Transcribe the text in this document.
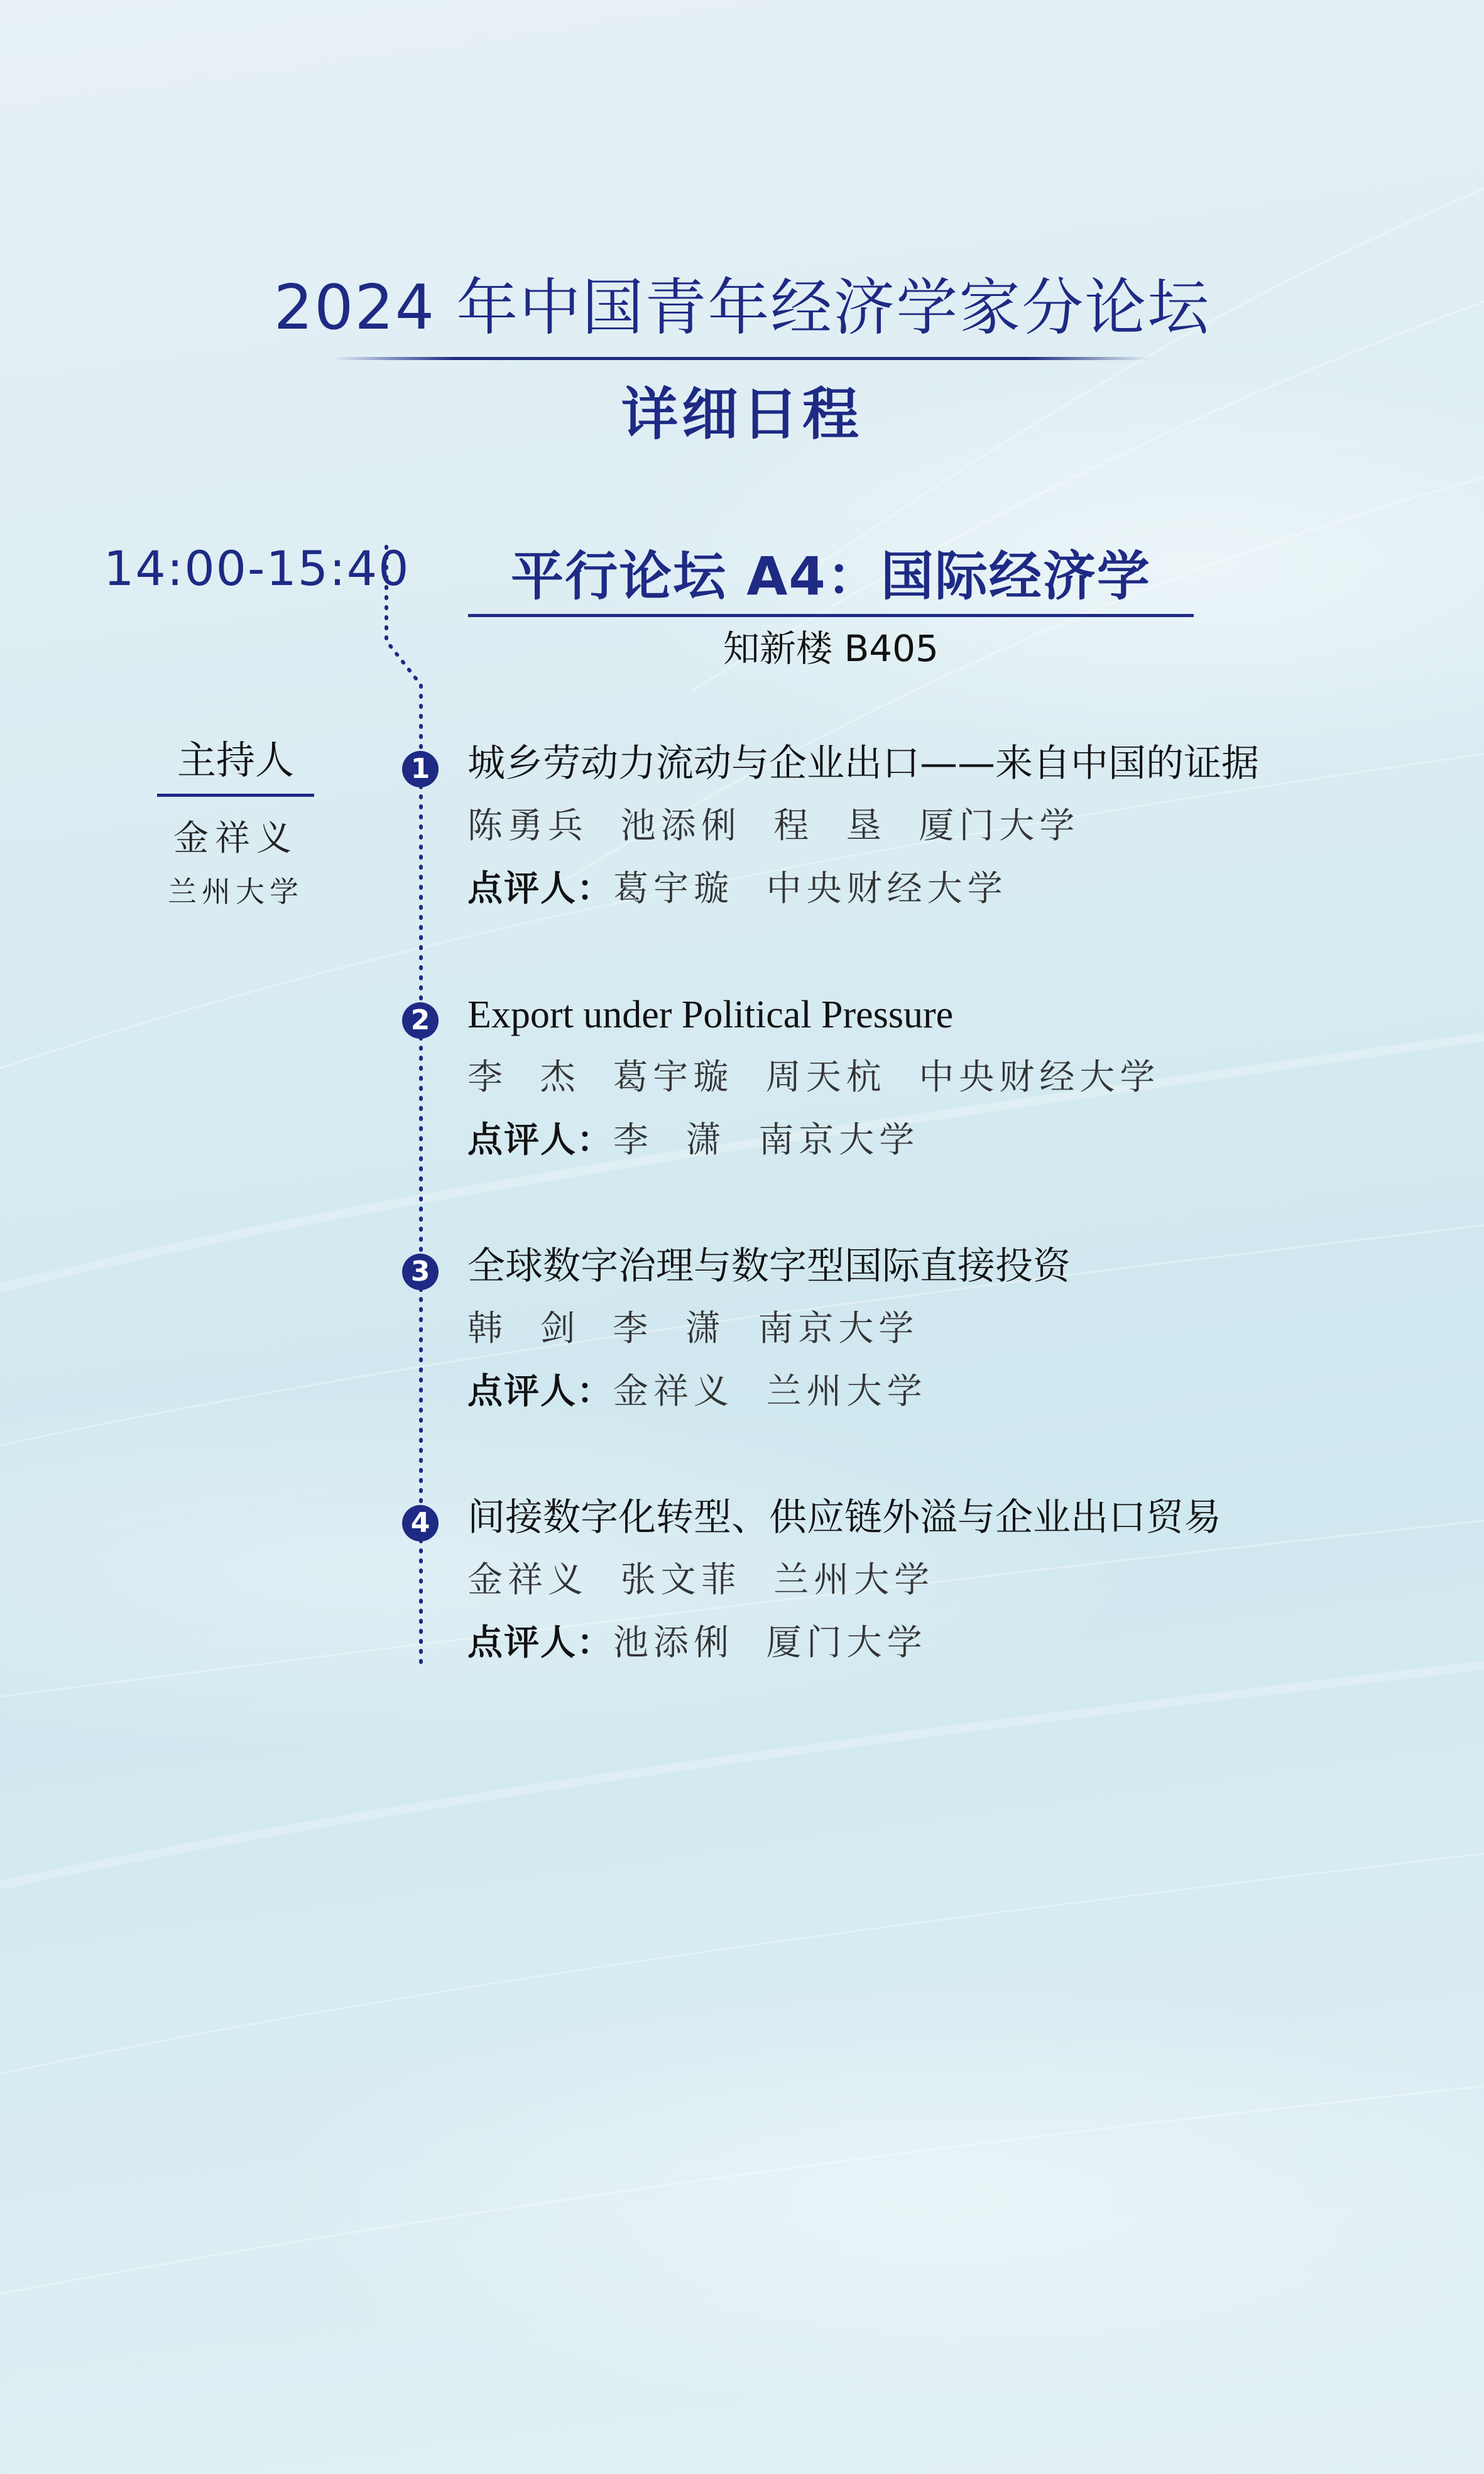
2024 年中国青年经济学家分论坛
详细日程
14:00-15:40	平行论坛 A4：国际经济学
知新楼 B405
主持人
金祥义
兰州大学
1 城乡劳动力流动与企业出口——来自中国的证据
陈勇兵  池添俐  程  垦  厦门大学
点评人：葛宇璇  中央财经大学
2 Export under Political Pressure
李  杰  葛宇璇  周天杭  中央财经大学
点评人：李  潇  南京大学
3 全球数字治理与数字型国际直接投资
韩  剑  李  潇  南京大学
点评人：金祥义  兰州大学
4 间接数字化转型、供应链外溢与企业出口贸易
金祥义  张文菲  兰州大学
点评人：池添俐  厦门大学
